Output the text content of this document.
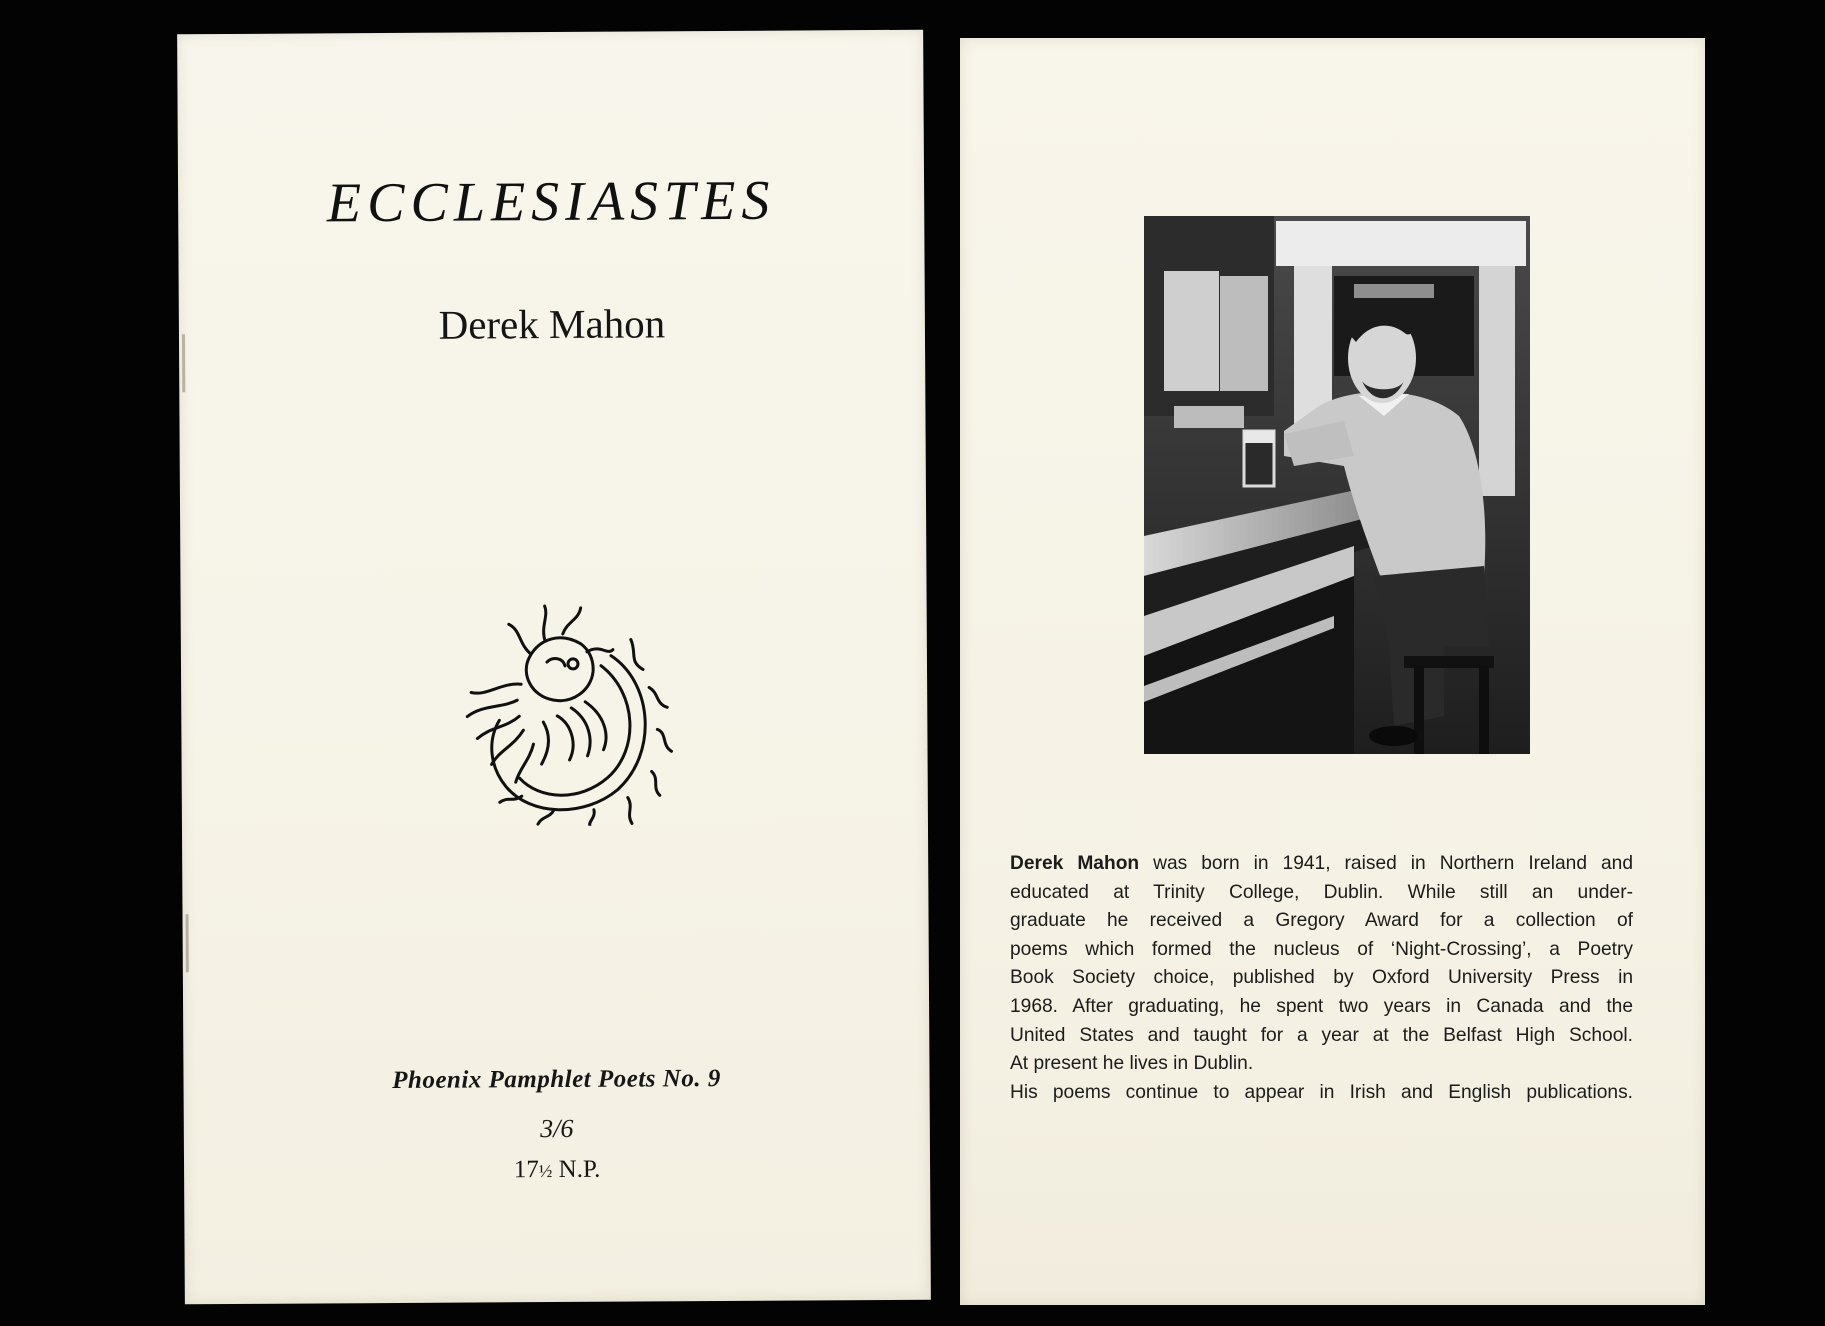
ECCLESIASTES
Derek Mahon
Phoenix Pamphlet Poets No. 9
3/6
17½ N.P.
Derek Mahon was born in 1941, raised in Northern Ireland and
educated at Trinity College, Dublin. While still an under-
graduate he received a Gregory Award for a collection of
poems which formed the nucleus of ‘Night-Crossing’, a Poetry
Book Society choice, published by Oxford University Press in
1968. After graduating, he spent two years in Canada and the
United States and taught for a year at the Belfast High School.
At present he lives in Dublin.
His poems continue to appear in Irish and English publications.
